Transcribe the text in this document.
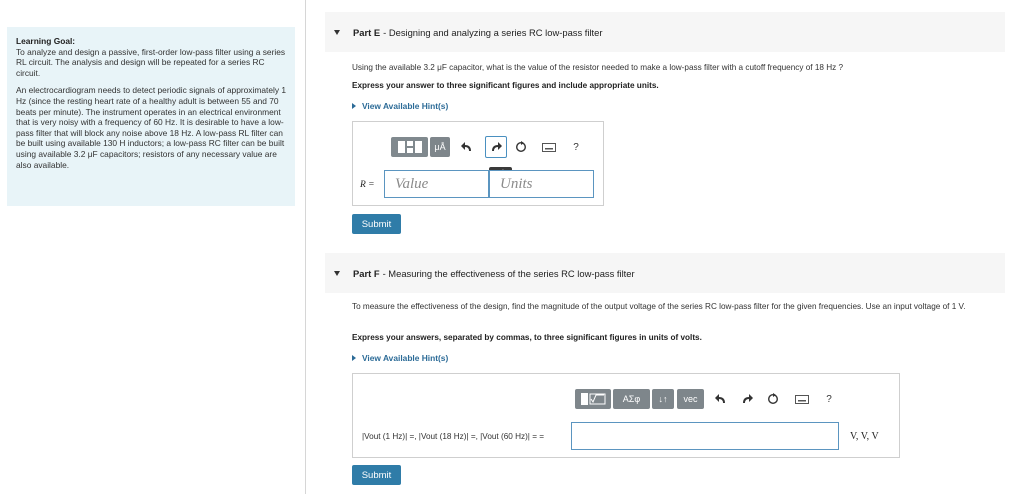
Learning Goal:

To analyze and design a passive, first-order low-pass filter using a series RL circuit. The analysis and design will be repeated for a series RC circuit.

An electrocardiogram needs to detect periodic signals of approximately 1 Hz (since the resting heart rate of a healthy adult is between 55 and 70 beats per minute). The instrument operates in an electrical environment that is very noisy with a frequency of 60 Hz. It is desirable to have a low-pass filter that will block any noise above 18 Hz. A low-pass RL filter can be built using available 130 H inductors; a low-pass RC filter can be built using available 3.2 μF capacitors; resistors of any necessary value are also available.

Part E - Designing and analyzing a series RC low-pass filter
Using the available 3.2 μF capacitor, what is the value of the resistor needed to make a low-pass filter with a cutoff frequency of 18 Hz ?
Express your answer to three significant figures and include appropriate units.
View Available Hint(s)
μÅ	?
R =	Value	Units
Submit
Part F - Measuring the effectiveness of the series RC low-pass filter
To measure the effectiveness of the design, find the magnitude of the output voltage of the series RC low-pass filter for the given frequencies. Use an input voltage of 1 V.
Express your answers, separated by commas, to three significant figures in units of volts.
View Available Hint(s)
ΑΣφ	↓↑	vec	?
|Vout (1 Hz)| =, |Vout (18 Hz)| =, |Vout (60 Hz)| = =	V, V, V
Submit
